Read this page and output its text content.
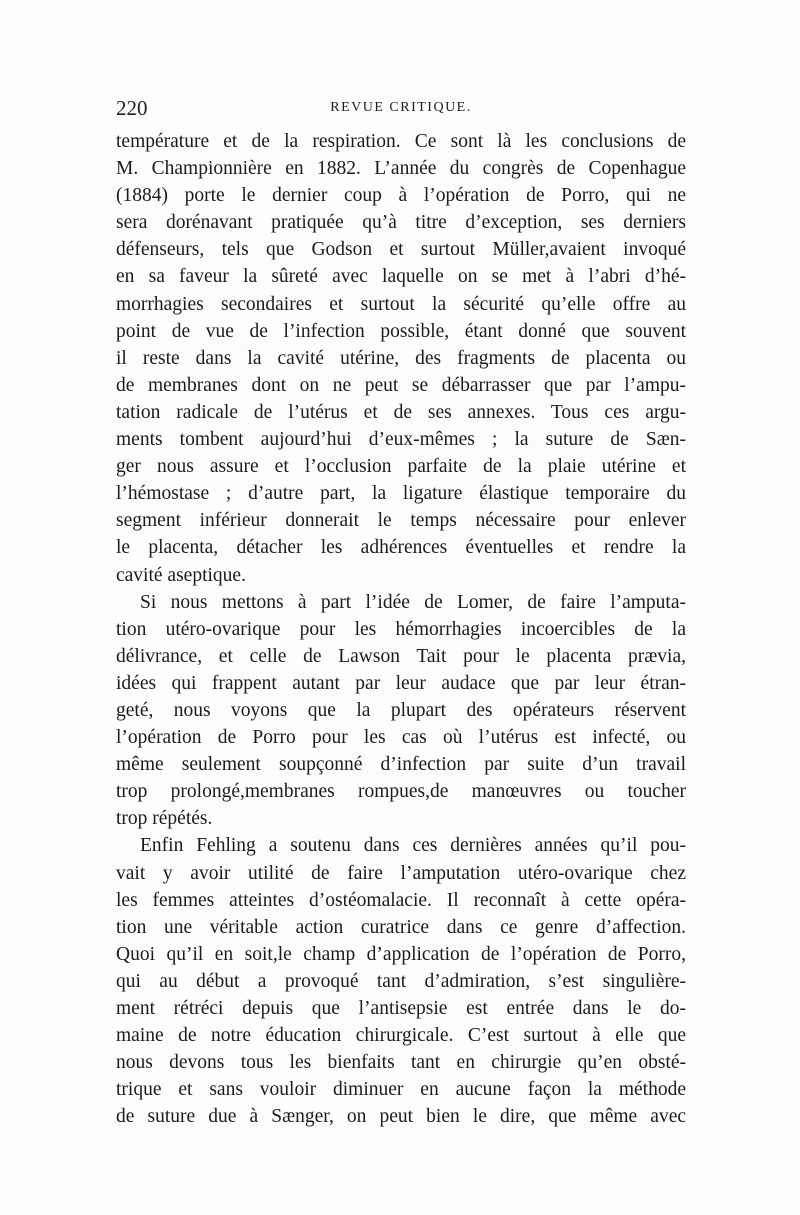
220	REVUE CRITIQUE.
température et de la respiration. Ce sont là les conclusions de
M. Championnière en 1882. L’année du congrès de Copenhague
(1884) porte le dernier coup à l’opération de Porro, qui ne
sera dorénavant pratiquée qu’à titre d’exception, ses derniers
défenseurs, tels que Godson et surtout Müller,avaient invoqué
en sa faveur la sûreté avec laquelle on se met à l’abri d’hé-
morrhagies secondaires et surtout la sécurité qu’elle offre au
point de vue de l’infection possible, étant donné que souvent
il reste dans la cavité utérine, des fragments de placenta ou
de membranes dont on ne peut se débarrasser que par l’ampu-
tation radicale de l’utérus et de ses annexes. Tous ces argu-
ments tombent aujourd’hui d’eux-mêmes ; la suture de Sæn-
ger nous assure et l’occlusion parfaite de la plaie utérine et
l’hémostase ; d’autre part, la ligature élastique temporaire du
segment inférieur donnerait le temps nécessaire pour enlever
le placenta, détacher les adhérences éventuelles et rendre la
cavité aseptique.
Si nous mettons à part l’idée de Lomer, de faire l’amputa-
tion utéro-ovarique pour les hémorrhagies incoercibles de la
délivrance, et celle de Lawson Tait pour le placenta prævia,
idées qui frappent autant par leur audace que par leur étran-
geté, nous voyons que la plupart des opérateurs réservent
l’opération de Porro pour les cas où l’utérus est infecté, ou
même seulement soupçonné d’infection par suite d’un travail
trop prolongé,membranes rompues,de manœuvres ou toucher
trop répétés.
Enfin Fehling a soutenu dans ces dernières années qu’il pou-
vait y avoir utilité de faire l’amputation utéro-ovarique chez
les femmes atteintes d’ostéomalacie. Il reconnaît à cette opéra-
tion une véritable action curatrice dans ce genre d’affection.
Quoi qu’il en soit,le champ d’application de l’opération de Porro,
qui au début a provoqué tant d’admiration, s’est singulière-
ment rétréci depuis que l’antisepsie est entrée dans le do-
maine de notre éducation chirurgicale. C’est surtout à elle que
nous devons tous les bienfaits tant en chirurgie qu’en obsté-
trique et sans vouloir diminuer en aucune façon la méthode
de suture due à Sænger, on peut bien le dire, que même avec
